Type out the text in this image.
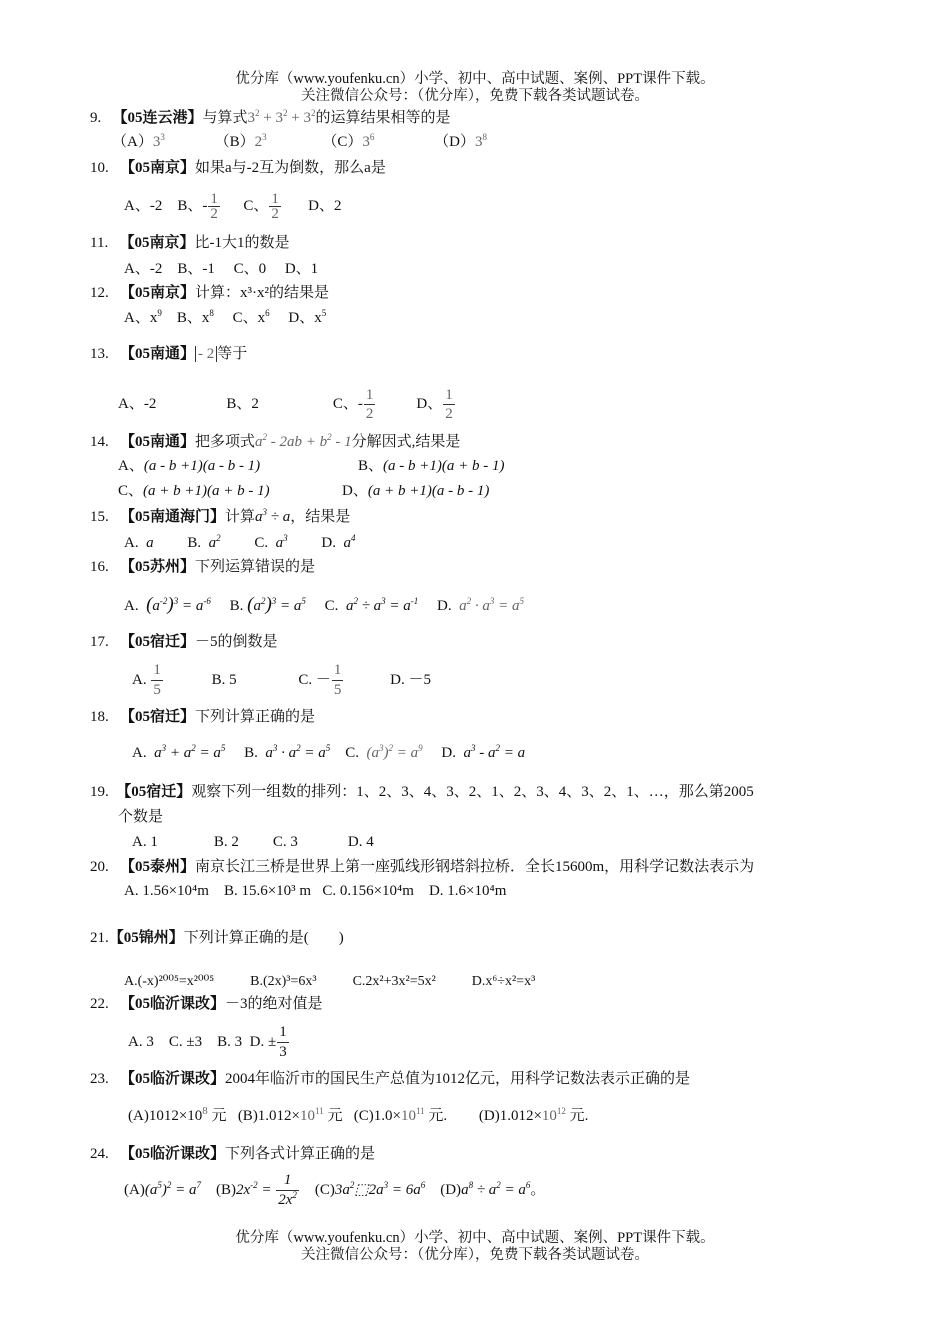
优分库（www.youfenku.cn）小学、初中、高中试题、案例、PPT课件下载。
关注微信公众号：（优分库），免费下载各类试题试卷。
9. 【05连云港】与算式$3^2 + 3^2 + 3^2$的运算结果相等的是
$(A)3^3$	$(B)2^3$	$(C)3^6$	$(D)3^8$
10. 【05南京】如果a与-2互为倒数，那么a是
A、-2 B、- $\frac{1}{2}$ C、 $\frac{1}{2}$ D、2
11. 【05南京】比-1大1的数是
A、-2    B、-1     C、0     D、1
12. 【05南京】计算：x³·x²的结果是
A、$x^9$ B、$x^8$ C、$x^6$ D、$x^5$
13. 【05南通】 - 2 等于
A、-2	B、2	C、- $\frac{1}{2}$	D、 $\frac{1}{2}$
14. 【05南通】把多项式$a^2 - 2ab + b^2 - 1$分解因式,结果是
A、(a - b +1)(a - b - 1)	B、(a - b +1)(a + b - 1)
C、(a + b +1)(a + b - 1)	D、(a + b +1)(a - b - 1)
15. 【05南通海门】计算$a^3 \div a$，结果是
A. a B. $a^2$ C. $a^3$ D. $a^4$
16. 【05苏州】下列运算错误的是
A. $(a^{-2})^3 = a^{-6}$ B. $(a^2)^3 = a^5$ C. $a^2 \div a^3 = a^{-1}$ D. $a^2 \cdot a^3 = a^5$
17. 【05宿迁】－5的倒数是
A. $\frac{1}{5}$	B. 5	C. － $\frac{1}{5}$	D. －5
18. 【05宿迁】下列计算正确的是
A. $a^3 + a^2 = a^5$ B. $a^3 \cdot a^2 = a^5$ C. $(a^3)^2 = a^9$ D. $a^3 - a^2 = a$
19. 【05宿迁】观察下列一组数的排列：1、2、3、4、3、2、1、2、3、4、3、2、1、…，那么第2005
个数是
A. 1	B. 2 C. 3	D. 4
20. 【05泰州】南京长江三桥是世界上第一座弧线形钢塔斜拉桥．全长15600m，用科学记数法表示为
A. 1.56×10⁴m B. 15.6×10³ m C. 0.156×10⁴m D. 1.6×10⁴m
21.【05锦州】下列计算正确的是(　　)
A.(-x)²⁰⁰⁵=x²⁰⁰⁵	B.(2x)³=6x³	C.2x²+3x²=5x²	D.x⁶÷x²=x³
22. 【05临沂课改】－3的绝对值是
A. 3 C. ±3 B. 3 D. ± $\frac{1}{3}$
23. 【05临沂课改】2004年临沂市的国民生产总值为1012亿元，用科学记数法表示正确的是
$(A)1012\times 10^8$ 元 $(B)1.012\times 10^{11}$ 元 $(C)1.0\times 10^{11}$ 元. $(D)1.012\times 10^{12}$ 元.
24. 【05临沂课改】下列各式计算正确的是
$(A)(a^5)^2 = a^7$ $(B)2x^{-2} = \frac{1}{2x^2}$ $(C)3a^2⬚2a^3 = 6a^6$ $(D)a^8 \div a^2 = a^6$。
优分库（www.youfenku.cn）小学、初中、高中试题、案例、PPT课件下载。
关注微信公众号：（优分库），免费下载各类试题试卷。
